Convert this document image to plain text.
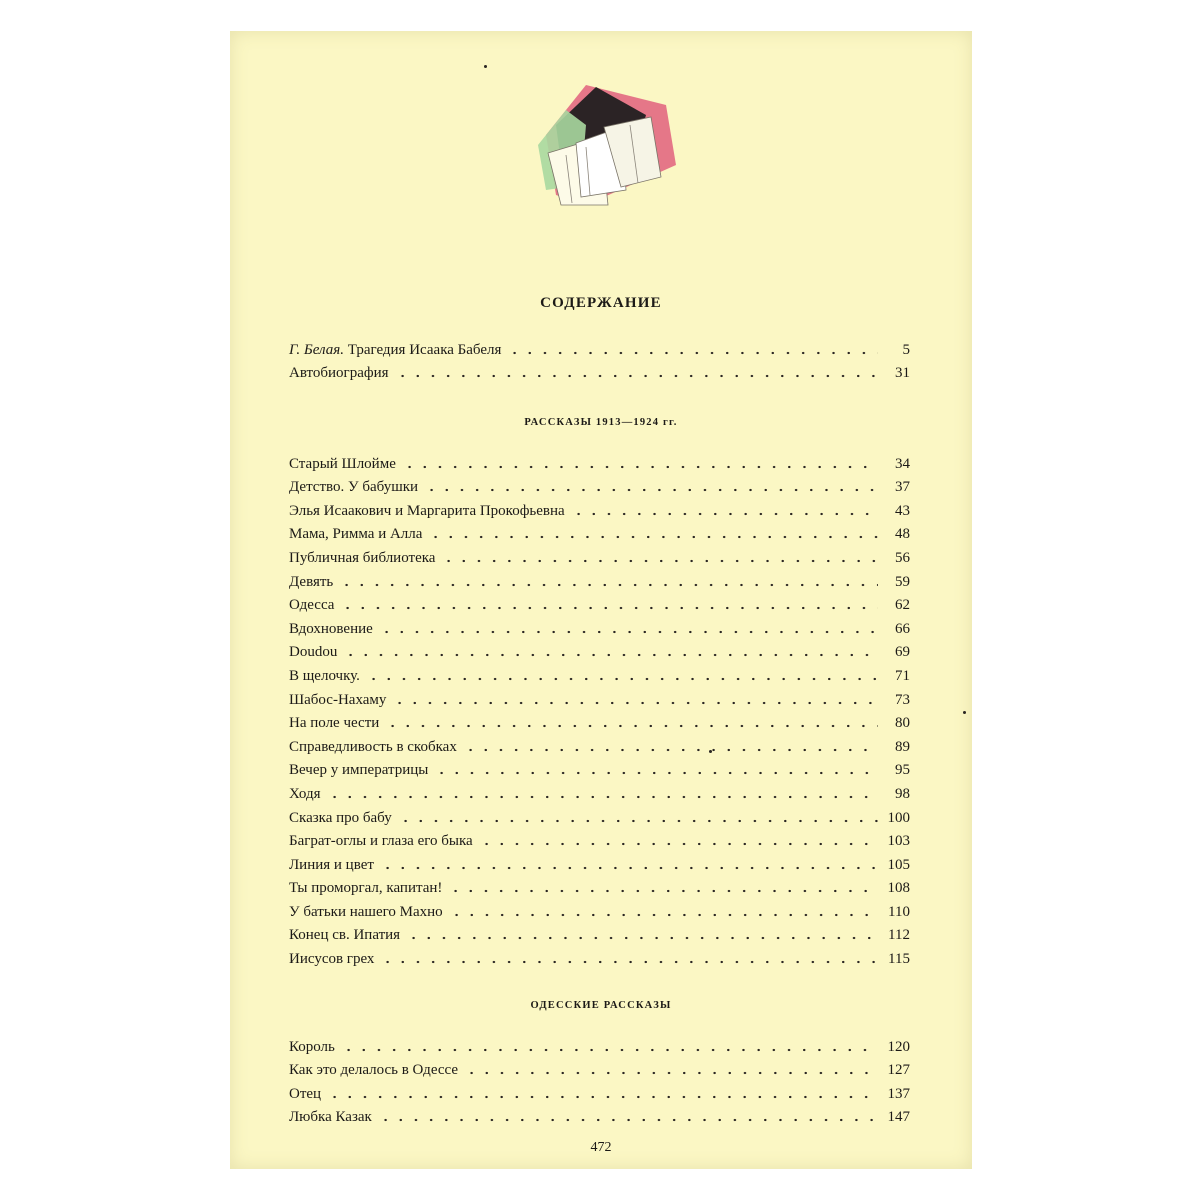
СОДЕРЖАНИЕ
Г. Белая. Трагедия Исаака Бабеля	5
Автобиография	31
РАССКАЗЫ 1913—1924 гг.
Старый Шлойме	34
Детство. У бабушки	37
Элья Исаакович и Маргарита Прокофьевна	43
Мама, Римма и Алла	48
Публичная библиотека	56
Девять	59
Одесса	62
Вдохновение	66
Doudou	69
В щелочку.	71
Шабос-Нахаму	73
На поле чести	80
Справедливость в скобках	89
Вечер у императрицы	95
Ходя	98
Сказка про бабу	100
Баграт-оглы и глаза его быка	103
Линия и цвет	105
Ты проморгал, капитан!	108
У батьки нашего Махно	110
Конец св. Ипатия	112
Иисусов грех	115
ОДЕССКИЕ РАССКАЗЫ
Король	120
Как это делалось в Одессе	127
Отец	137
Любка Казак	147
472
